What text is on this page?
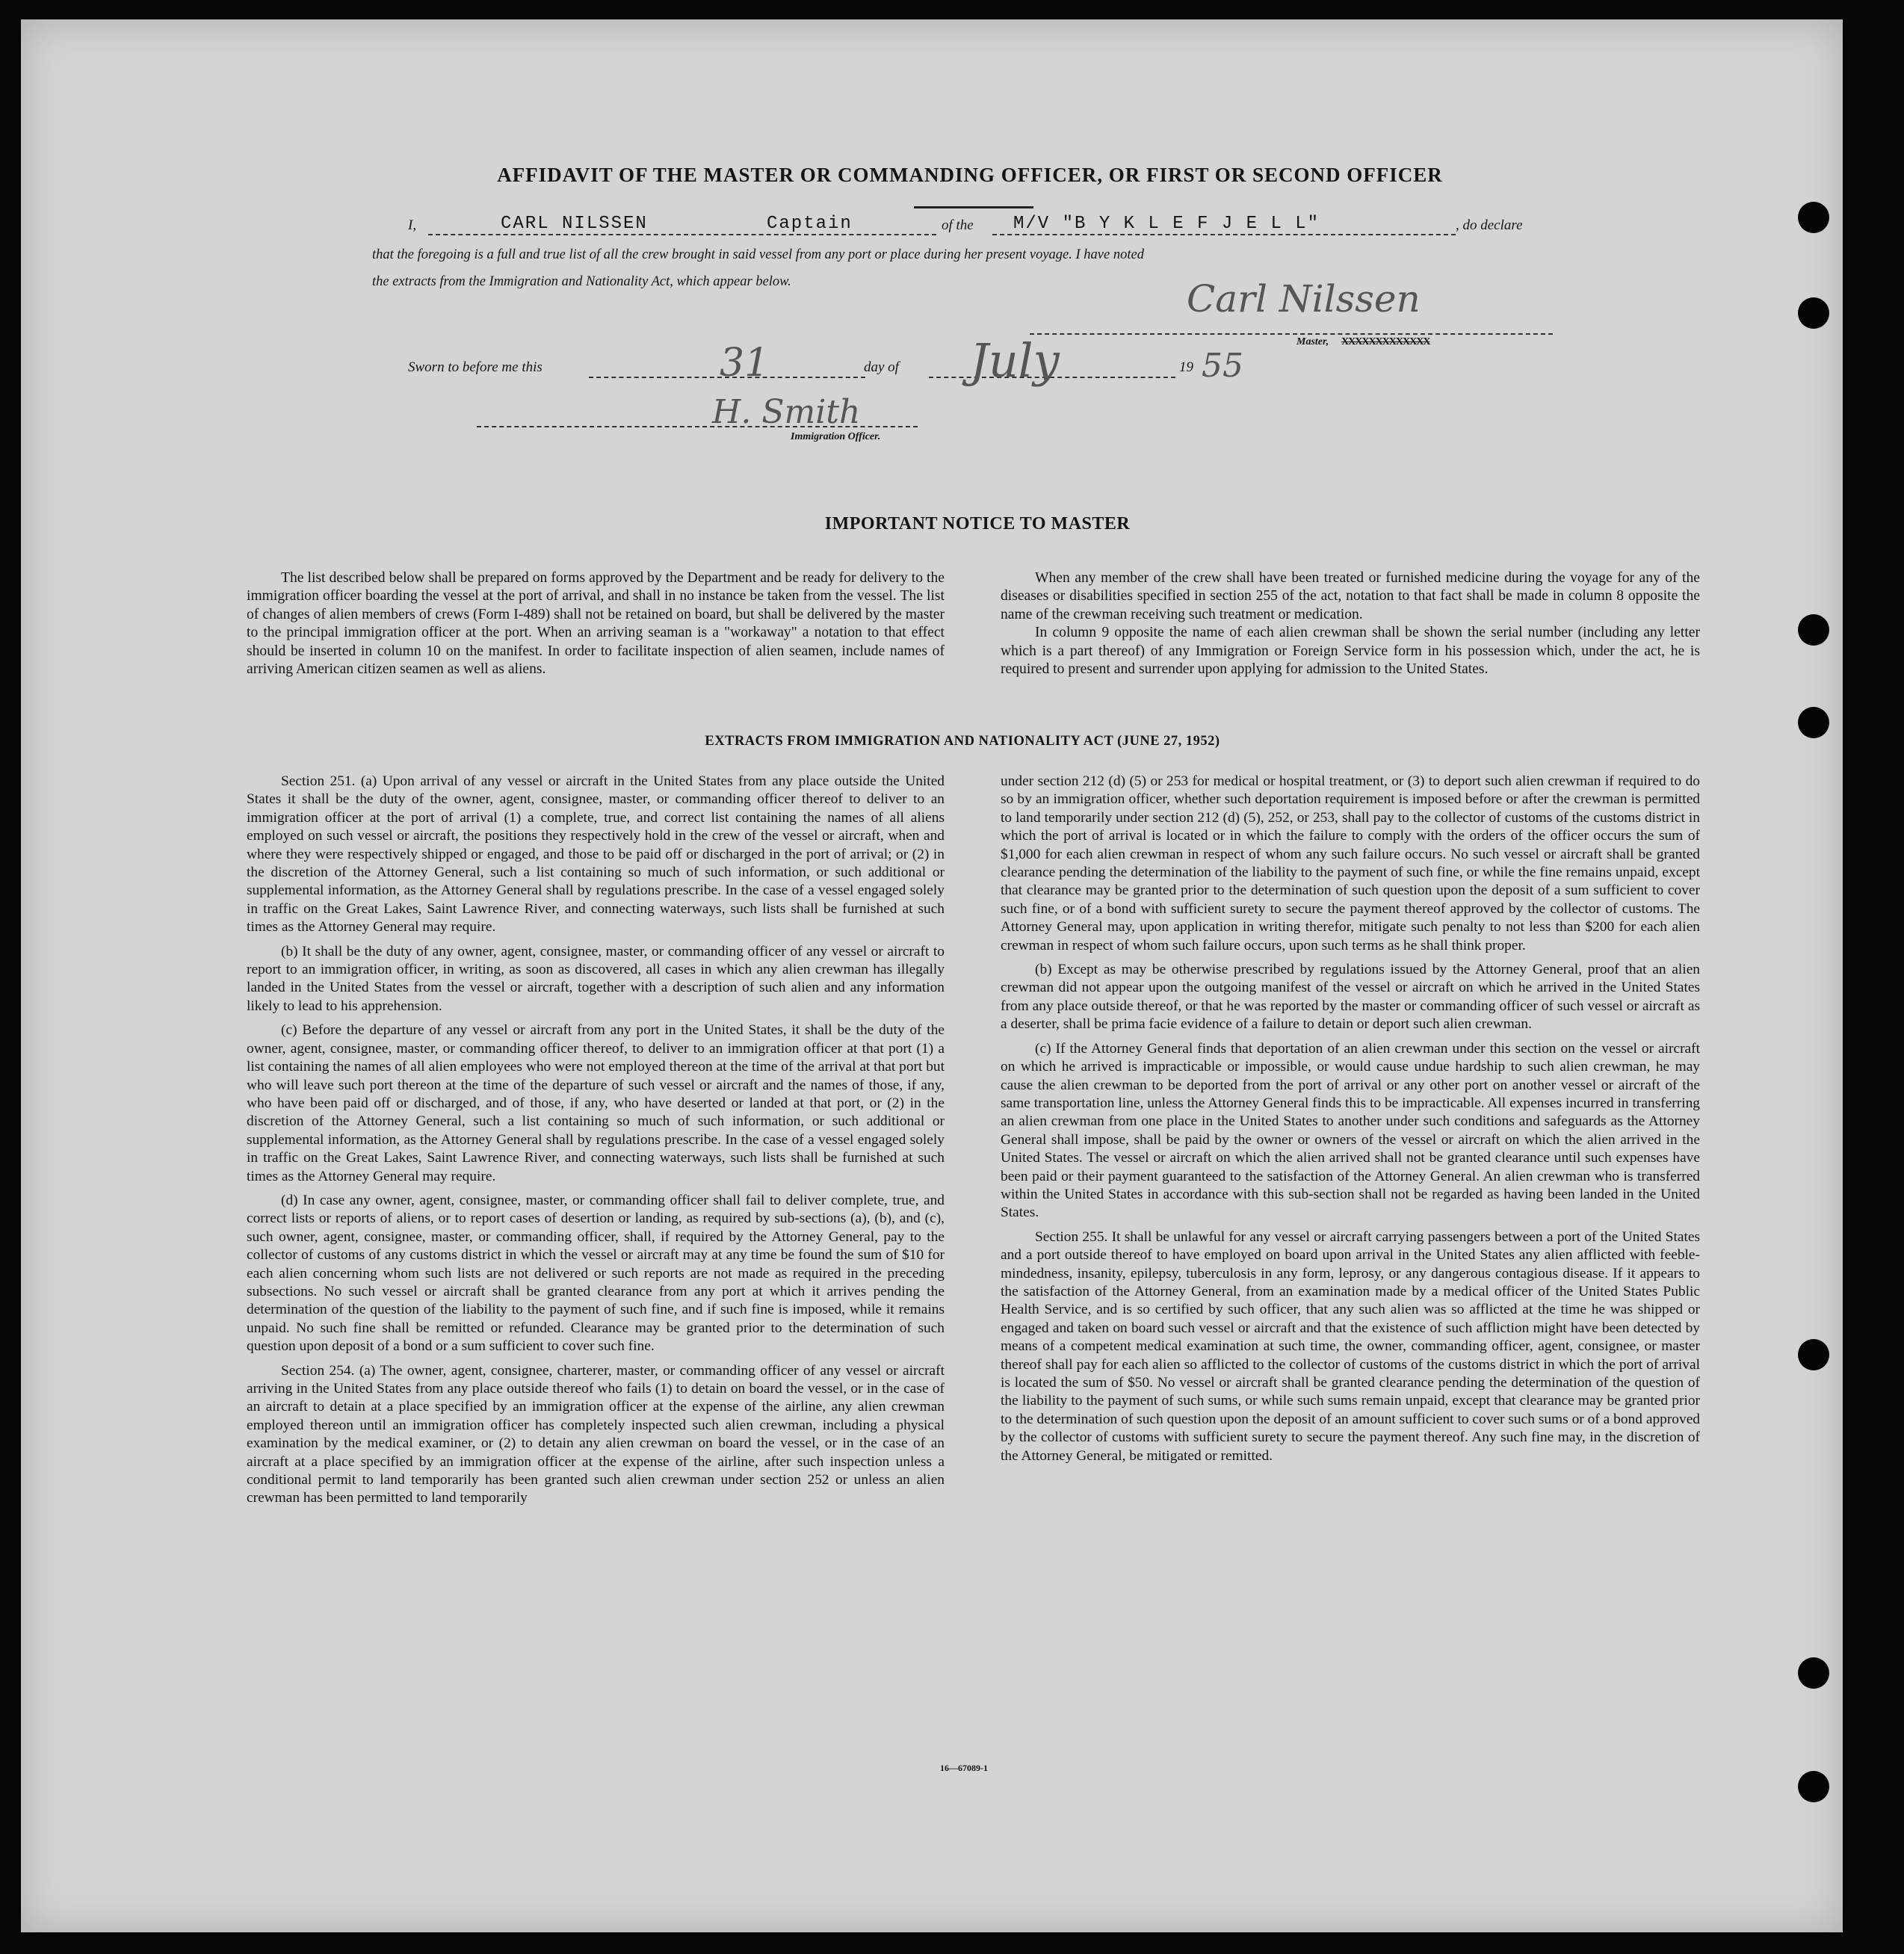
AFFIDAVIT OF THE MASTER OR COMMANDING OFFICER, OR FIRST OR SECOND OFFICER
I,	CARL NILSSEN	Captain	of the M/V "B Y K L E F J E L L"	, do declare
that the foregoing is a full and true list of all the crew brought in said vessel from any port or place during her present voyage. I have noted
the extracts from the Immigration and Nationality Act, which appear below.	Carl Nilssen
Master, XXXXXXXXXXXXX
Sworn to before me this	31	day of July	19 55
H. Smith
Immigration Officer.
IMPORTANT NOTICE TO MASTER

The list described below shall be prepared on forms approved by the Department and be ready for delivery to the immigration officer boarding the vessel at the port of arrival, and shall in no instance be taken from the vessel. The list of changes of alien members of crews (Form I-489) shall not be retained on board, but shall be delivered by the master to the principal immigration officer at the port. When an arriving seaman is a "workaway" a notation to that effect should be inserted in column 10 on the manifest. In order to facilitate inspection of alien seamen, include names of arriving American citizen seamen as well as aliens.

When any member of the crew shall have been treated or furnished medicine during the voyage for any of the diseases or disabilities specified in section 255 of the act, notation to that fact shall be made in column 8 opposite the name of the crewman receiving such treatment or medication.

In column 9 opposite the name of each alien crewman shall be shown the serial number (including any letter which is a part thereof) of any Immigration or Foreign Service form in his possession which, under the act, he is required to present and surrender upon applying for admission to the United States.

EXTRACTS FROM IMMIGRATION AND NATIONALITY ACT (JUNE 27, 1952)

Section 251. (a) Upon arrival of any vessel or aircraft in the United States from any place outside the United States it shall be the duty of the owner, agent, consignee, master, or commanding officer thereof to deliver to an immigration officer at the port of arrival (1) a complete, true, and correct list containing the names of all aliens employed on such vessel or aircraft, the positions they respectively hold in the crew of the vessel or aircraft, when and where they were respectively shipped or engaged, and those to be paid off or discharged in the port of arrival; or (2) in the discretion of the Attorney General, such a list containing so much of such information, or such additional or supplemental information, as the Attorney General shall by regulations prescribe. In the case of a vessel engaged solely in traffic on the Great Lakes, Saint Lawrence River, and connecting waterways, such lists shall be furnished at such times as the Attorney General may require.

(b) It shall be the duty of any owner, agent, consignee, master, or commanding officer of any vessel or aircraft to report to an immigration officer, in writing, as soon as discovered, all cases in which any alien crewman has illegally landed in the United States from the vessel or aircraft, together with a description of such alien and any information likely to lead to his apprehension.

(c) Before the departure of any vessel or aircraft from any port in the United States, it shall be the duty of the owner, agent, consignee, master, or commanding officer thereof, to deliver to an immigration officer at that port (1) a list containing the names of all alien employees who were not employed thereon at the time of the arrival at that port but who will leave such port thereon at the time of the departure of such vessel or aircraft and the names of those, if any, who have been paid off or discharged, and of those, if any, who have deserted or landed at that port, or (2) in the discretion of the Attorney General, such a list containing so much of such information, or such additional or supplemental information, as the Attorney General shall by regulations prescribe. In the case of a vessel engaged solely in traffic on the Great Lakes, Saint Lawrence River, and connecting waterways, such lists shall be furnished at such times as the Attorney General may require.

(d) In case any owner, agent, consignee, master, or commanding officer shall fail to deliver complete, true, and correct lists or reports of aliens, or to report cases of desertion or landing, as required by sub-sections (a), (b), and (c), such owner, agent, consignee, master, or commanding officer, shall, if required by the Attorney General, pay to the collector of customs of any customs district in which the vessel or aircraft may at any time be found the sum of $10 for each alien concerning whom such lists are not delivered or such reports are not made as required in the preceding subsections. No such vessel or aircraft shall be granted clearance from any port at which it arrives pending the determination of the question of the liability to the payment of such fine, and if such fine is imposed, while it remains unpaid. No such fine shall be remitted or refunded. Clearance may be granted prior to the determination of such question upon deposit of a bond or a sum sufficient to cover such fine.

Section 254. (a) The owner, agent, consignee, charterer, master, or commanding officer of any vessel or aircraft arriving in the United States from any place outside thereof who fails (1) to detain on board the vessel, or in the case of an aircraft to detain at a place specified by an immigration officer at the expense of the airline, any alien crewman employed thereon until an immigration officer has completely inspected such alien crewman, including a physical examination by the medical examiner, or (2) to detain any alien crewman on board the vessel, or in the case of an aircraft at a place specified by an immigration officer at the expense of the airline, after such inspection unless a conditional permit to land temporarily has been granted such alien crewman under section 252 or unless an alien crewman has been permitted to land temporarily

under section 212 (d) (5) or 253 for medical or hospital treatment, or (3) to deport such alien crewman if required to do so by an immigration officer, whether such deportation requirement is imposed before or after the crewman is permitted to land temporarily under section 212 (d) (5), 252, or 253, shall pay to the collector of customs of the customs district in which the port of arrival is located or in which the failure to comply with the orders of the officer occurs the sum of $1,000 for each alien crewman in respect of whom any such failure occurs. No such vessel or aircraft shall be granted clearance pending the determination of the liability to the payment of such fine, or while the fine remains unpaid, except that clearance may be granted prior to the determination of such question upon the deposit of a sum sufficient to cover such fine, or of a bond with sufficient surety to secure the payment thereof approved by the collector of customs. The Attorney General may, upon application in writing therefor, mitigate such penalty to not less than $200 for each alien crewman in respect of whom such failure occurs, upon such terms as he shall think proper.

(b) Except as may be otherwise prescribed by regulations issued by the Attorney General, proof that an alien crewman did not appear upon the outgoing manifest of the vessel or aircraft on which he arrived in the United States from any place outside thereof, or that he was reported by the master or commanding officer of such vessel or aircraft as a deserter, shall be prima facie evidence of a failure to detain or deport such alien crewman.

(c) If the Attorney General finds that deportation of an alien crewman under this section on the vessel or aircraft on which he arrived is impracticable or impossible, or would cause undue hardship to such alien crewman, he may cause the alien crewman to be deported from the port of arrival or any other port on another vessel or aircraft of the same transportation line, unless the Attorney General finds this to be impracticable. All expenses incurred in transferring an alien crewman from one place in the United States to another under such conditions and safeguards as the Attorney General shall impose, shall be paid by the owner or owners of the vessel or aircraft on which the alien arrived in the United States. The vessel or aircraft on which the alien arrived shall not be granted clearance until such expenses have been paid or their payment guaranteed to the satisfaction of the Attorney General. An alien crewman who is transferred within the United States in accordance with this sub-section shall not be regarded as having been landed in the United States.

Section 255. It shall be unlawful for any vessel or aircraft carrying passengers between a port of the United States and a port outside thereof to have employed on board upon arrival in the United States any alien afflicted with feeble-mindedness, insanity, epilepsy, tuberculosis in any form, leprosy, or any dangerous contagious disease. If it appears to the satisfaction of the Attorney General, from an examination made by a medical officer of the United States Public Health Service, and is so certified by such officer, that any such alien was so afflicted at the time he was shipped or engaged and taken on board such vessel or aircraft and that the existence of such affliction might have been detected by means of a competent medical examination at such time, the owner, commanding officer, agent, consignee, or master thereof shall pay for each alien so afflicted to the collector of customs of the customs district in which the port of arrival is located the sum of $50. No vessel or aircraft shall be granted clearance pending the determination of the question of the liability to the payment of such sums, or while such sums remain unpaid, except that clearance may be granted prior to the determination of such question upon the deposit of an amount sufficient to cover such sums or of a bond approved by the collector of customs with sufficient surety to secure the payment thereof. Any such fine may, in the discretion of the Attorney General, be mitigated or remitted.

16—67089-1
